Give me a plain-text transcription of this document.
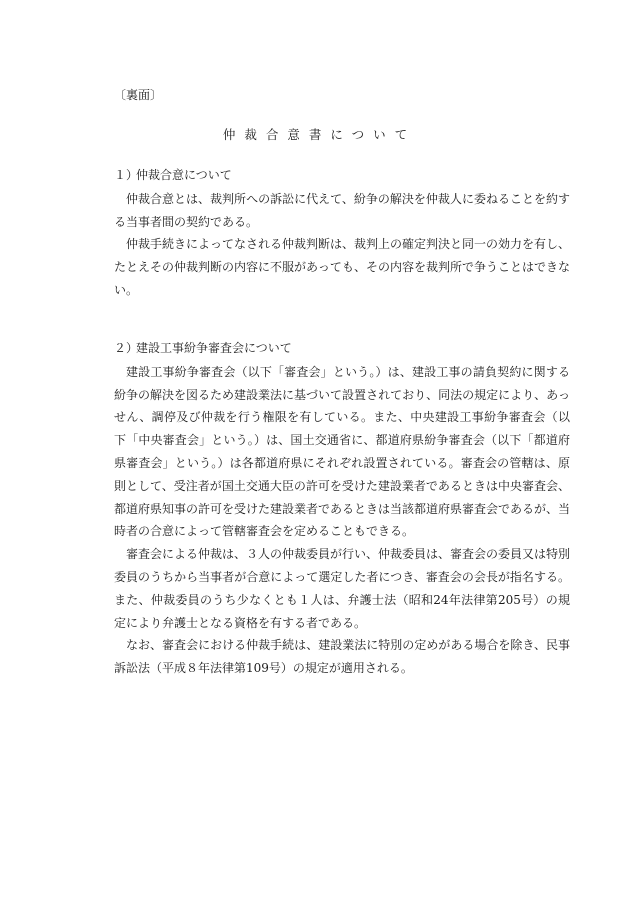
〔裏面〕

仲裁合意書について
１）仲裁合意について

仲裁合意とは、裁判所への訴訟に代えて、紛争の解決を仲裁人に委ねることを約する当事者間の契約である。

仲裁手続きによってなされる仲裁判断は、裁判上の確定判決と同一の効力を有し、たとえその仲裁判断の内容に不服があっても、その内容を裁判所で争うことはできない。

２）建設工事紛争審査会について

建設工事紛争審査会（以下「審査会」という。）は、建設工事の請負契約に関する紛争の解決を図るため建設業法に基づいて設置されており、同法の規定により、あっせん、調停及び仲裁を行う権限を有している。また、中央建設工事紛争審査会（以下「中央審査会」という。）は、国土交通省に、都道府県紛争審査会（以下「都道府県審査会」という。）は各都道府県にそれぞれ設置されている。審査会の管轄は、原則として、受注者が国土交通大臣の許可を受けた建設業者であるときは中央審査会、都道府県知事の許可を受けた建設業者であるときは当該都道府県審査会であるが、当時者の合意によって管轄審査会を定めることもできる。

審査会による仲裁は、３人の仲裁委員が行い、仲裁委員は、審査会の委員又は特別委員のうちから当事者が合意によって選定した者につき、審査会の会長が指名する。また、仲裁委員のうち少なくとも１人は、弁護士法（昭和24年法律第205号）の規定により弁護士となる資格を有する者である。

なお、審査会における仲裁手続は、建設業法に特別の定めがある場合を除き、民事訴訟法（平成８年法律第109号）の規定が適用される。
